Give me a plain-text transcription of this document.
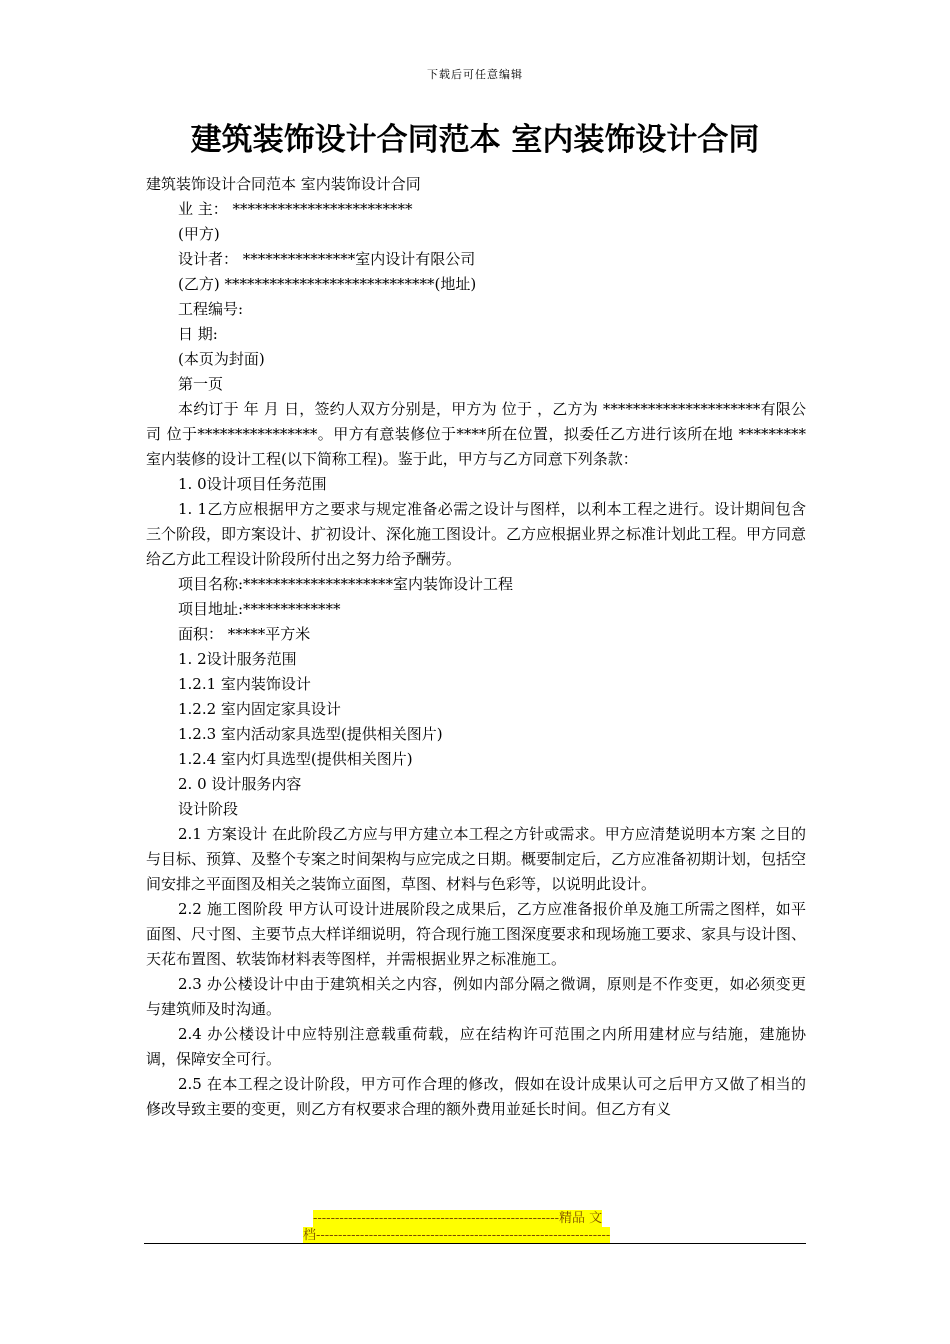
下载后可任意编辑
建筑装饰设计合同范本 室内装饰设计合同

建筑装饰设计合同范本 室内装饰设计合同

业 主： ************************

(甲方)

设计者： ***************室内设计有限公司

(乙方) ****************************(地址)

工程编号:

日 期:

(本页为封面)

第一页

本约订于 年 月 日，签约人双方分别是，甲方为 位于 ，乙方为 *********************有限公司 位于****************。甲方有意装修位于****所在位置，拟委任乙方进行该所在地 *********室内装修的设计工程(以下简称工程)。鉴于此，甲方与乙方同意下列条款：

1. 0设计项目任务范围

1. 1乙方应根据甲方之要求与规定准备必需之设计与图样，以利本工程之进行。设计期间包含三个阶段，即方案设计、扩初设计、深化施工图设计。乙方应根据业界之标准计划此工程。甲方同意给乙方此工程设计阶段所付出之努力给予酬劳。

项目名称:********************室内装饰设计工程

项目地址:*************

面积： *****平方米

1. 2设计服务范围

1.2.1 室内装饰设计

1.2.2 室内固定家具设计

1.2.3 室内活动家具选型(提供相关图片)

1.2.4 室内灯具选型(提供相关图片)

2. 0 设计服务内容

设计阶段

2.1 方案设计 在此阶段乙方应与甲方建立本工程之方针或需求。甲方应清楚说明本方案 之目的与目标、预算、及整个专案之时间架构与应完成之日期。概要制定后，乙方应准备初期计划，包括空间安排之平面图及相关之装饰立面图，草图、材料与色彩等，以说明此设计。

2.2 施工图阶段 甲方认可设计进展阶段之成果后，乙方应准备报价单及施工所需之图样，如平面图、尺寸图、主要节点大样详细说明，符合现行施工图深度要求和现场施工要求、家具与设计图、天花布置图、软装饰材料表等图样，并需根据业界之标准施工。

2.3 办公楼设计中由于建筑相关之内容，例如内部分隔之微调，原则是不作变更，如必须变更与建筑师及时沟通。

2.4 办公楼设计中应特别注意载重荷载，应在结构许可范围之内所用建材应与结施，建施协调，保障安全可行。

2.5 在本工程之设计阶段，甲方可作合理的修改，假如在设计成果认可之后甲方又做了相当的修改导致主要的变更，则乙方有权要求合理的额外费用並延长时间。但乙方有义

--------------------------------------------------------精品 文
档-------------------------------------------------------------------
